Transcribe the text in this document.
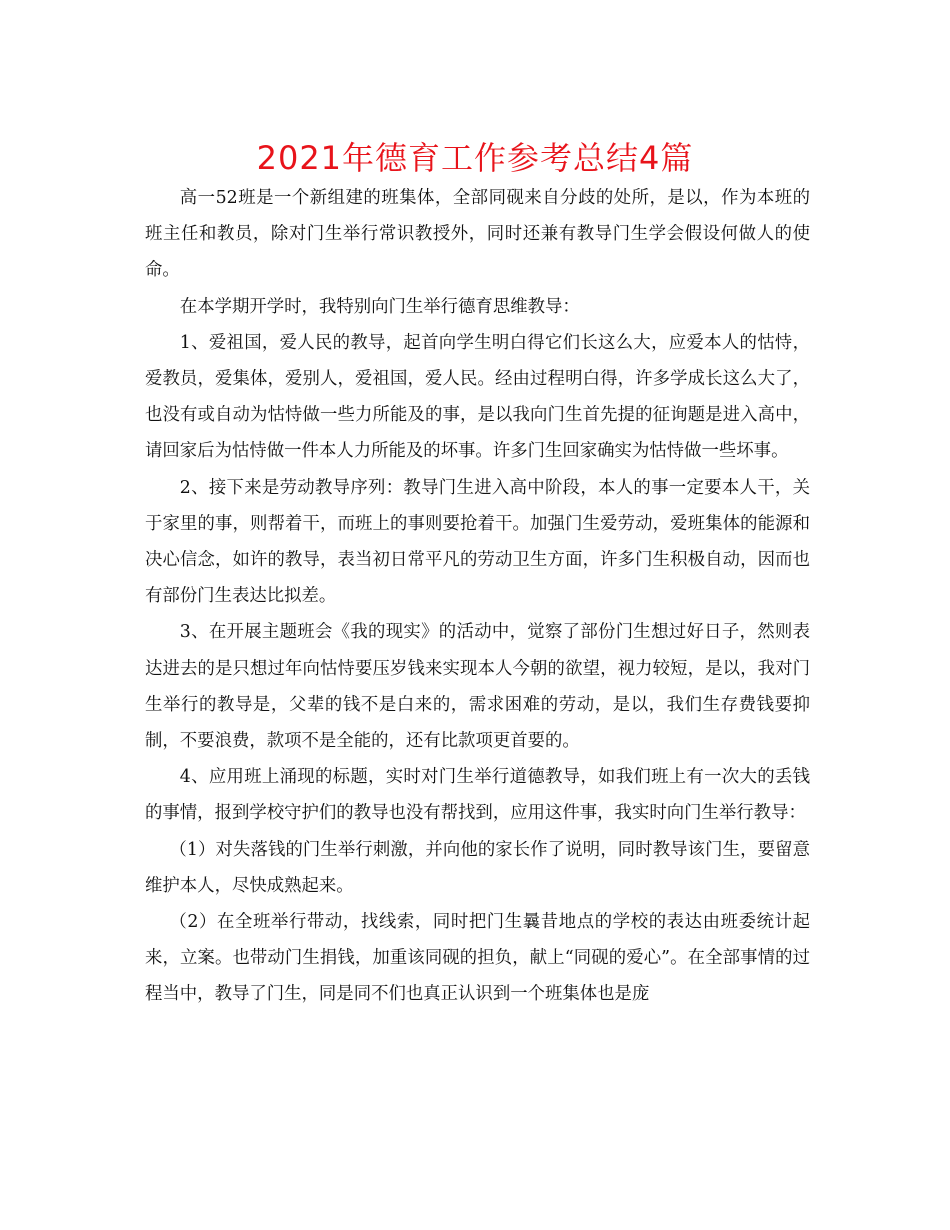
2021年德育工作参考总结4篇

高一52班是一个新组建的班集体，全部同砚来自分歧的处所，是以，作为本班的班主任和教员，除对门生举行常识教授外，同时还兼有教导门生学会假设何做人的使命。

在本学期开学时，我特别向门生举行德育思维教导：

1、爱祖国，爱人民的教导，起首向学生明白得它们长这么大，应爱本人的怙恃，爱教员，爱集体，爱别人，爱祖国，爱人民。经由过程明白得，许多学成长这么大了，也没有或自动为怙恃做一些力所能及的事，是以我向门生首先提的征询题是进入高中，请回家后为怙恃做一件本人力所能及的坏事。许多门生回家确实为怙恃做一些坏事。

2、接下来是劳动教导序列：教导门生进入高中阶段，本人的事一定要本人干，关于家里的事，则帮着干，而班上的事则要抢着干。加强门生爱劳动，爱班集体的能源和决心信念，如许的教导，表当初日常平凡的劳动卫生方面，许多门生积极自动，因而也有部份门生表达比拟差。

3、在开展主题班会《我的现实》的活动中，觉察了部份门生想过好日子，然则表达进去的是只想过年向怙恃要压岁钱来实现本人今朝的欲望，视力较短，是以，我对门生举行的教导是，父辈的钱不是白来的，需求困难的劳动，是以，我们生存费钱要抑制，不要浪费，款项不是全能的，还有比款项更首要的。

4、应用班上涌现的标题，实时对门生举行道德教导，如我们班上有一次大的丢钱的事情，报到学校守护们的教导也没有帮找到，应用这件事，我实时向门生举行教导：

（1）对失落钱的门生举行刺激，并向他的家长作了说明，同时教导该门生，要留意维护本人，尽快成熟起来。

（2）在全班举行带动，找线索，同时把门生曩昔地点的学校的表达由班委统计起来，立案。也带动门生捐钱，加重该同砚的担负，献上“同砚的爱心”。在全部事情的过程当中，教导了门生，同是同不们也真正认识到一个班集体也是庞
